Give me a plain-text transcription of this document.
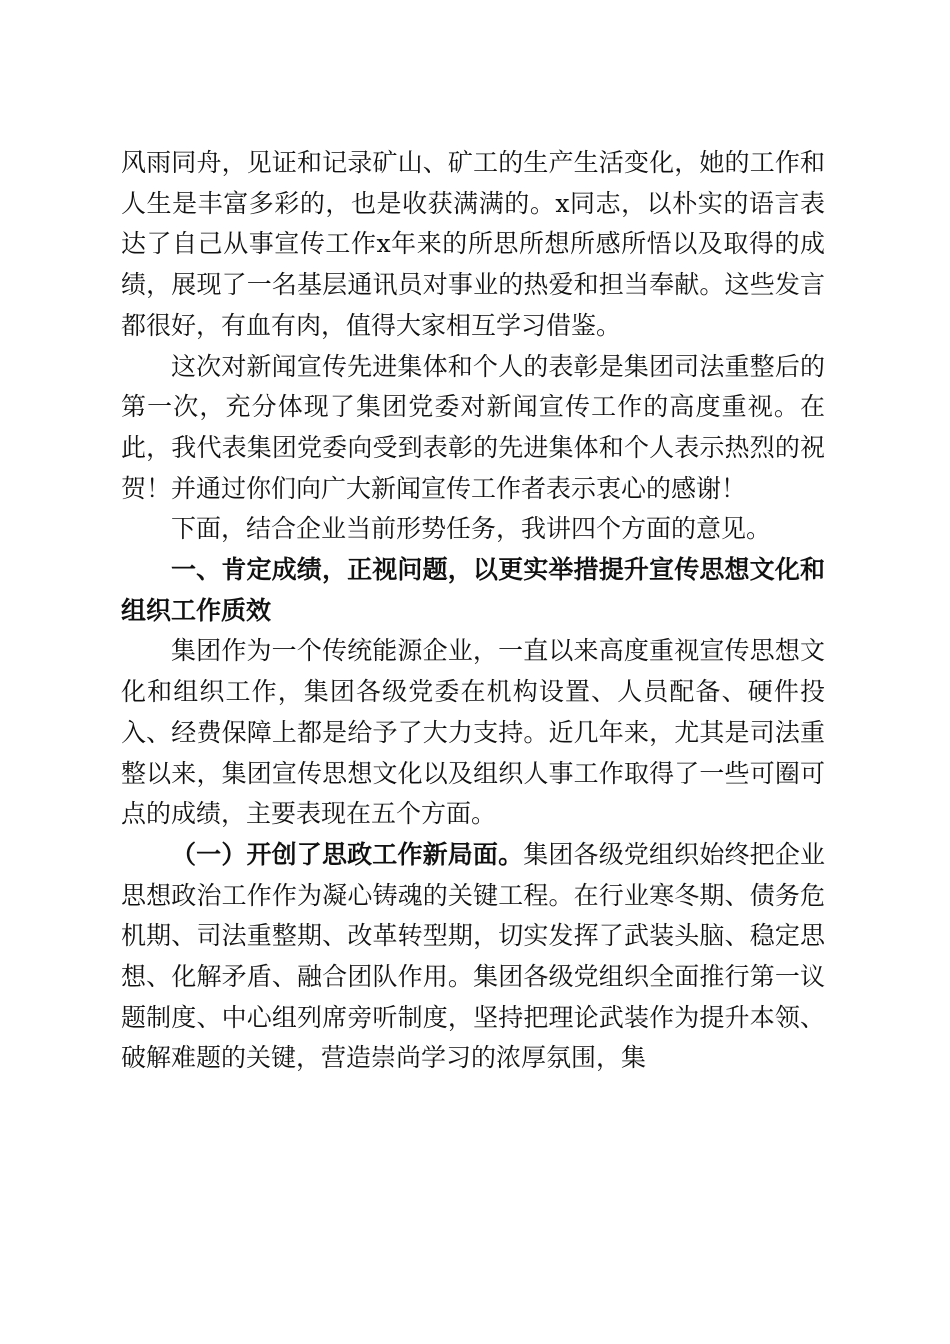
风雨同舟，见证和记录矿山、矿工的生产生活变化，她的工作和人生是丰富多彩的，也是收获满满的。x同志，以朴实的语言表达了自己从事宣传工作x年来的所思所想所感所悟以及取得的成绩，展现了一名基层通讯员对事业的热爱和担当奉献。这些发言都很好，有血有肉，值得大家相互学习借鉴。

这次对新闻宣传先进集体和个人的表彰是集团司法重整后的第一次，充分体现了集团党委对新闻宣传工作的高度重视。在此，我代表集团党委向受到表彰的先进集体和个人表示热烈的祝贺！并通过你们向广大新闻宣传工作者表示衷心的感谢！

下面，结合企业当前形势任务，我讲四个方面的意见。

一、肯定成绩，正视问题，以更实举措提升宣传思想文化和组织工作质效

集团作为一个传统能源企业，一直以来高度重视宣传思想文化和组织工作，集团各级党委在机构设置、人员配备、硬件投入、经费保障上都是给予了大力支持。近几年来，尤其是司法重整以来，集团宣传思想文化以及组织人事工作取得了一些可圈可点的成绩，主要表现在五个方面。

（一）开创了思政工作新局面。集团各级党组织始终把企业思想政治工作作为凝心铸魂的关键工程。在行业寒冬期、债务危机期、司法重整期、改革转型期，切实发挥了武装头脑、稳定思想、化解矛盾、融合团队作用。集团各级党组织全面推行第一议题制度、中心组列席旁听制度，坚持把理论武装作为提升本领、破解难题的关键，营造崇尚学习的浓厚氛围，集
